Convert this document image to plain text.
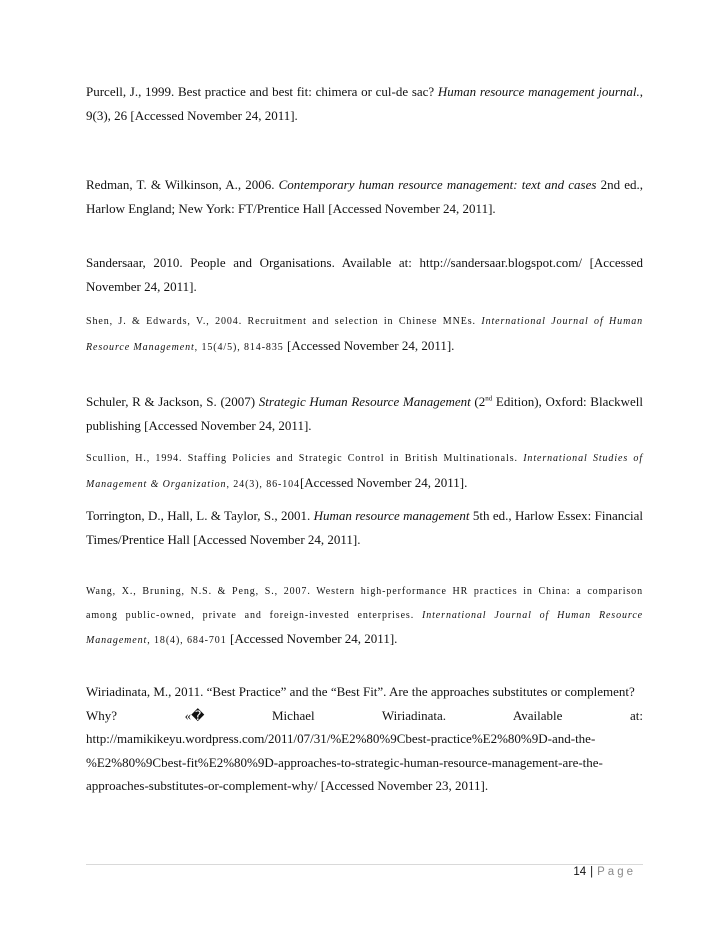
Purcell, J., 1999. Best practice and best fit: chimera or cul-de sac? Human resource management journal., 9(3), 26 [Accessed November 24, 2011].

Redman, T. & Wilkinson, A., 2006. Contemporary human resource management: text and cases 2nd ed., Harlow England; New York: FT/Prentice Hall [Accessed November 24, 2011].

Sandersaar, 2010. People and Organisations. Available at: http://sandersaar.blogspot.com/ [Accessed November 24, 2011].

Shen, J. & Edwards, V., 2004. Recruitment and selection in Chinese MNEs. International Journal of Human Resource Management, 15(4/5), 814-835 [Accessed November 24, 2011].

Schuler, R & Jackson, S. (2007) Strategic Human Resource Management (2nd Edition), Oxford: Blackwell publishing [Accessed November 24, 2011].

Scullion, H., 1994. Staffing Policies and Strategic Control in British Multinationals. International Studies of Management & Organization, 24(3), 86-104[Accessed November 24, 2011].

Torrington, D., Hall, L. & Taylor, S., 2001. Human resource management 5th ed., Harlow Essex: Financial Times/Prentice Hall [Accessed November 24, 2011].

Wang, X., Bruning, N.S. & Peng, S., 2007. Western high-performance HR practices in China: a comparison among public-owned, private and foreign-invested enterprises. International Journal of Human Resource Management, 18(4), 684-701 [Accessed November 24, 2011].

Wiriadinata, M., 2011. “Best Practice” and the “Best Fit”. Are the approaches substitutes or complement?

Why? «� Michael Wiriadinata. Available at:

http://mamikikeyu.wordpress.com/2011/07/31/%E2%80%9Cbest-practice%E2%80%9D-and-the-

%E2%80%9Cbest-fit%E2%80%9D-approaches-to-strategic-human-resource-management-are-the-

approaches-substitutes-or-complement-why/ [Accessed November 23, 2011].

14 | Page
